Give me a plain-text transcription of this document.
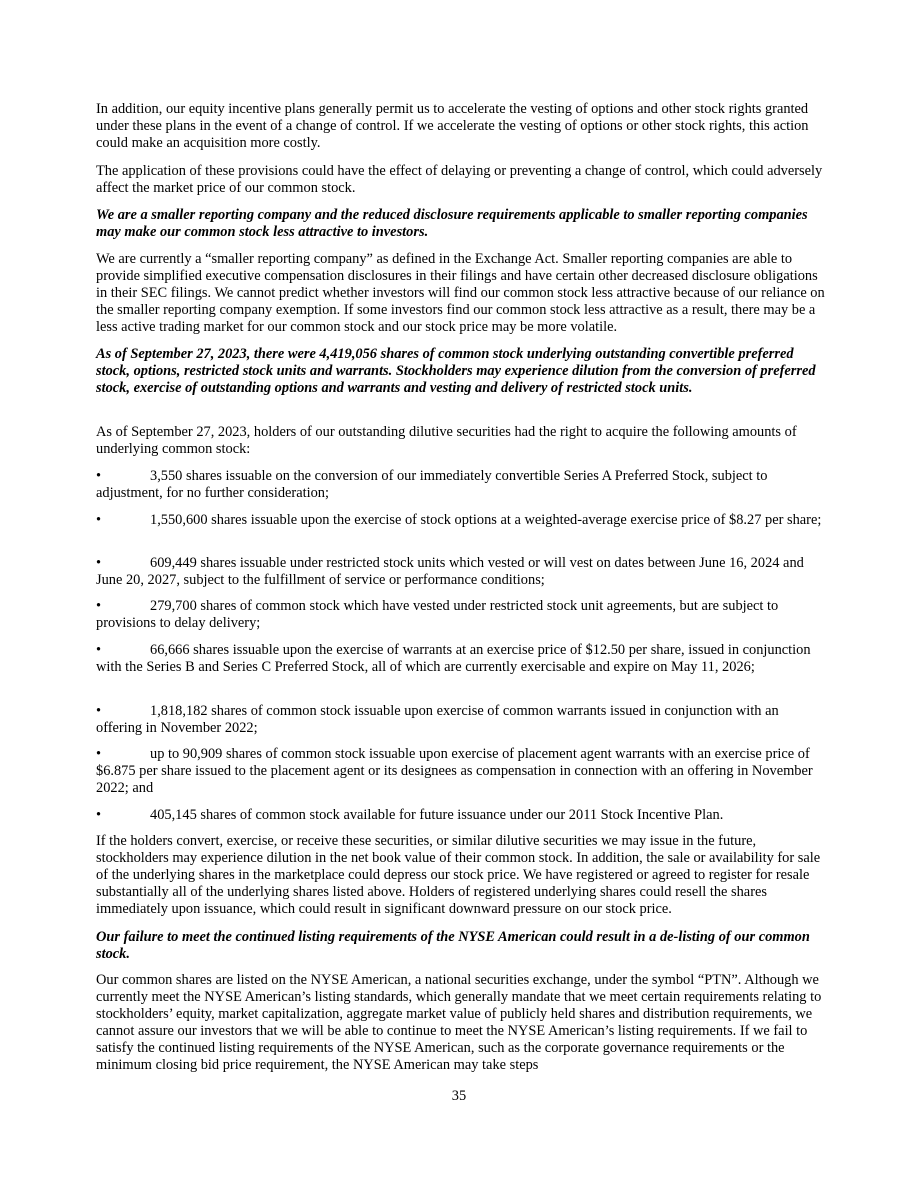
In addition, our equity incentive plans generally permit us to accelerate the vesting of options and other stock rights granted under these plans in the event of a change of control. If we accelerate the vesting of options or other stock rights, this action could make an acquisition more costly.

The application of these provisions could have the effect of delaying or preventing a change of control, which could adversely affect the market price of our common stock.

We are a smaller reporting company and the reduced disclosure requirements applicable to smaller reporting companies may make our common stock less attractive to investors.

We are currently a “smaller reporting company” as defined in the Exchange Act. Smaller reporting companies are able to provide simplified executive compensation disclosures in their filings and have certain other decreased disclosure obligations in their SEC filings. We cannot predict whether investors will find our common stock less attractive because of our reliance on the smaller reporting company exemption. If some investors find our common stock less attractive as a result, there may be a less active trading market for our common stock and our stock price may be more volatile.

As of September 27, 2023, there were 4,419,056 shares of common stock underlying outstanding convertible preferred stock, options, restricted stock units and warrants. Stockholders may experience dilution from the conversion of preferred stock, exercise of outstanding options and warrants and vesting and delivery of restricted stock units.

As of September 27, 2023, holders of our outstanding dilutive securities had the right to acquire the following amounts of underlying common stock:

•	3,550 shares issuable on the conversion of our immediately convertible Series A Preferred Stock, subject to adjustment, for no further consideration;

•	1,550,600 shares issuable upon the exercise of stock options at a weighted-average exercise price of $8.27 per share;

•	609,449 shares issuable under restricted stock units which vested or will vest on dates between June 16, 2024 and June 20, 2027, subject to the fulfillment of service or performance conditions;

•	279,700 shares of common stock which have vested under restricted stock unit agreements, but are subject to provisions to delay delivery;

•	66,666 shares issuable upon the exercise of warrants at an exercise price of $12.50 per share, issued in conjunction with the Series B and Series C Preferred Stock, all of which are currently exercisable and expire on May 11, 2026;

•	1,818,182 shares of common stock issuable upon exercise of common warrants issued in conjunction with an offering in November 2022;

•	up to 90,909 shares of common stock issuable upon exercise of placement agent warrants with an exercise price of $6.875 per share issued to the placement agent or its designees as compensation in connection with an offering in November 2022; and

•	405,145 shares of common stock available for future issuance under our 2011 Stock Incentive Plan.

If the holders convert, exercise, or receive these securities, or similar dilutive securities we may issue in the future, stockholders may experience dilution in the net book value of their common stock. In addition, the sale or availability for sale of the underlying shares in the marketplace could depress our stock price. We have registered or agreed to register for resale substantially all of the underlying shares listed above. Holders of registered underlying shares could resell the shares immediately upon issuance, which could result in significant downward pressure on our stock price.

Our failure to meet the continued listing requirements of the NYSE American could result in a de-listing of our common stock.

Our common shares are listed on the NYSE American, a national securities exchange, under the symbol “PTN”. Although we currently meet the NYSE American’s listing standards, which generally mandate that we meet certain requirements relating to stockholders’ equity, market capitalization, aggregate market value of publicly held shares and distribution requirements, we cannot assure our investors that we will be able to continue to meet the NYSE American’s listing requirements. If we fail to satisfy the continued listing requirements of the NYSE American, such as the corporate governance requirements or the minimum closing bid price requirement, the NYSE American may take steps

35
